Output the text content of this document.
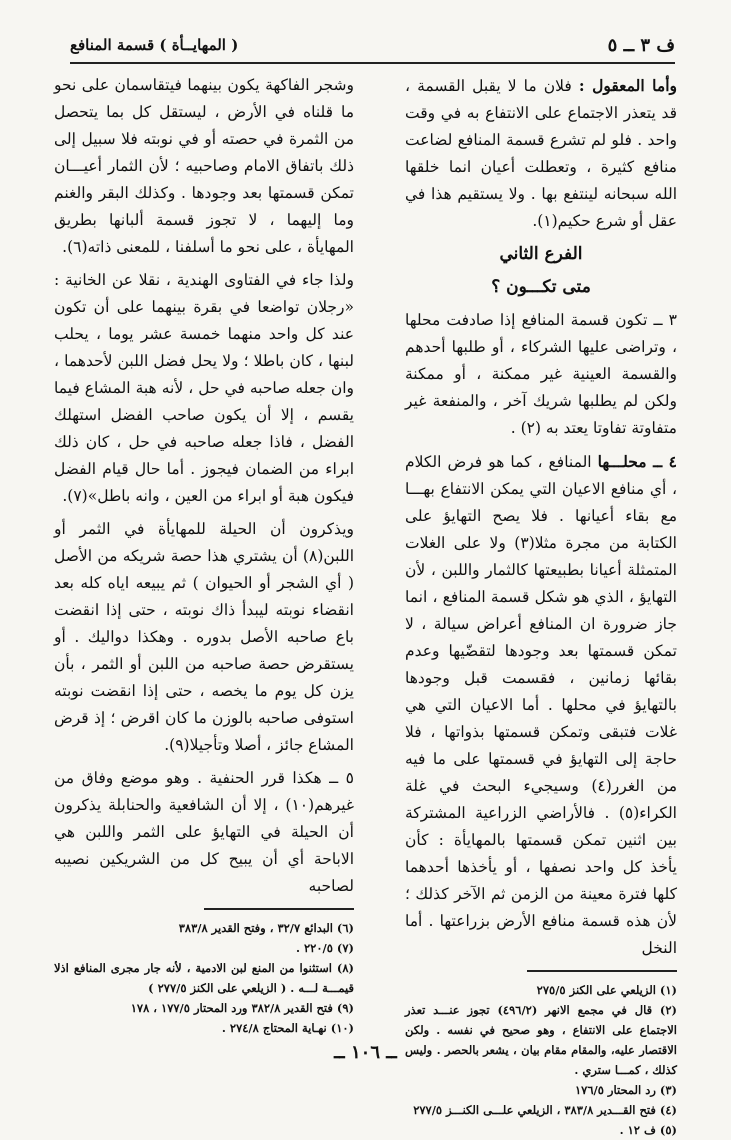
ف ٣ ــ ٥
( المهايــأة ) قسمة المنافع

وأما المعقول : فلان ما لا يقبل القسمة ، قد يتعذر الاجتماع على الانتفاع به في وقت واحد . فلو لم تشرع قسمة المنافع لضاعت منافع كثيرة ، وتعطلت أعيان انما خلقها الله سبحانه لينتفع بها . ولا يستقيم هذا في عقل أو شرع حكيم(١).

الفرع الثاني
متى تكـــون ؟

٣ ــ تكون قسمة المنافع إذا صادفت محلها ، وتراضى عليها الشركاء ، أو طلبها أحدهم والقسمة العينية غير ممكنة ، أو ممكنة ولكن لم يطلبها شريك آخر ، والمنفعة غير متفاوتة تفاوتا يعتد به (٢) .

٤ ــ محلـــها المنافع ، كما هو فرض الكلام ، أي منافع الاعيان التي يمكن الانتفاع بهـــا مع بقاء أعيانها . فلا يصح التهايؤ على الكتابة من مجرة مثلا(٣) ولا على الغلات المتمثلة أعيانا بطبيعتها كالثمار واللبن ، لأن التهايؤ ، الذي هو شكل قسمة المنافع ، انما جاز ضرورة ان المنافع أعراض سيالة ، لا تمكن قسمتها بعد وجودها لتقضّيها وعدم بقائها زمانين ، فقسمت قبل وجودها بالتهايؤ في محلها . أما الاعيان التي هي غلات فتبقى وتمكن قسمتها بذواتها ، فلا حاجة إلى التهايؤ في قسمتها على ما فيه من الغرر(٤) وسيجيء البحث في غلة الكراء(٥) . فالأراضي الزراعية المشتركة بين اثنين تمكن قسمتها بالمهايأة : كأن يأخذ كل واحد نصفها ، أو يأخذها أحدهما كلها فترة معينة من الزمن ثم الآخر كذلك ؛ لأن هذه قسمة منافع الأرض بزراعتها . أما النخل

(١) الزيلعي على الكنز ٢٧٥/٥
(٢) قال في مجمع الانهر (٤٩٦/٢) تجوز عنـــد تعذر الاجتماع على الانتفاع ، وهو صحيح في نفسه . ولكن الاقتصار عليه، والمقام مقام بيان ، يشعر بالحصر . وليس كذلك ، كمـــا ستري .
(٣) رد المحتار ١٧٦/٥
(٤) فتح القـــدير ٣٨٣/٨ ، الزيلعي علـــى الكنـــز ٢٧٧/٥
(٥) ف ١٢ .

وشجر الفاكهة يكون بينهما فيتقاسمان على نحو ما قلناه في الأرض ، ليستقل كل بما يتحصل من الثمرة في حصته أو في نوبته فلا سبيل إلى ذلك باتفاق الامام وصاحبيه ؛ لأن الثمار أعيـــان تمكن قسمتها بعد وجودها . وكذلك البقر والغنم وما إليهما ، لا تجوز قسمة ألبانها بطريق المهايأة ، على نحو ما أسلفنا ، للمعنى ذاته(٦).

ولذا جاء في الفتاوى الهندية ، نقلا عن الخانية : «رجلان تواضعا في بقرة بينهما على أن تكون عند كل واحد منهما خمسة عشر يوما ، يحلب لبنها ، كان باطلا ؛ ولا يحل فضل اللبن لأحدهما ، وان جعله صاحبه في حل ، لأنه هبة المشاع فيما يقسم ، إلا أن يكون صاحب الفضل استهلك الفضل ، فاذا جعله صاحبه في حل ، كان ذلك ابراء من الضمان فيجوز . أما حال قيام الفضل فيكون هبة أو ابراء من العين ، وانه باطل»(٧).

ويذكرون أن الحيلة للمهايأة في الثمر أو اللبن(٨) أن يشتري هذا حصة شريكه من الأصل ( أي الشجر أو الحيوان ) ثم يبيعه اياه كله بعد انقضاء نوبته ليبدأ ذاك نوبته ، حتى إذا انقضت باع صاحبه الأصل بدوره . وهكذا دواليك . أو يستقرض حصة صاحبه من اللبن أو الثمر ، بأن يزن كل يوم ما يخصه ، حتى إذا انقضت نوبته استوفى صاحبه بالوزن ما كان اقرض ؛ إذ قرض المشاع جائز ، أصلا وتأجيلا(٩).

٥ ــ هكذا قرر الحنفية . وهو موضع وفاق من غيرهم(١٠) ، إلا أن الشافعية والحنابلة يذكرون أن الحيلة في التهايؤ على الثمر واللبن هي الاباحة أي أن يبيح كل من الشريكين نصيبه لصاحبه

(٦) البدائع ٣٢/٧ ، وفتح القدير ٣٨٣/٨
(٧) ٢٢٠/٥ .
(٨) استثنوا من المنع لبن الادمية ، لأنه جار مجرى المنافع اذلا قيمـــة لـــه . ( الزيلعي على الكنز ٢٧٧/٥ )
(٩) فتح القدير ٣٨٢/٨ ورد المحتار ١٧٧/٥ ، ١٧٨
(١٠) نهـاية المحتاج ٢٧٤/٨ .
ــ ١٠٦ ــ
